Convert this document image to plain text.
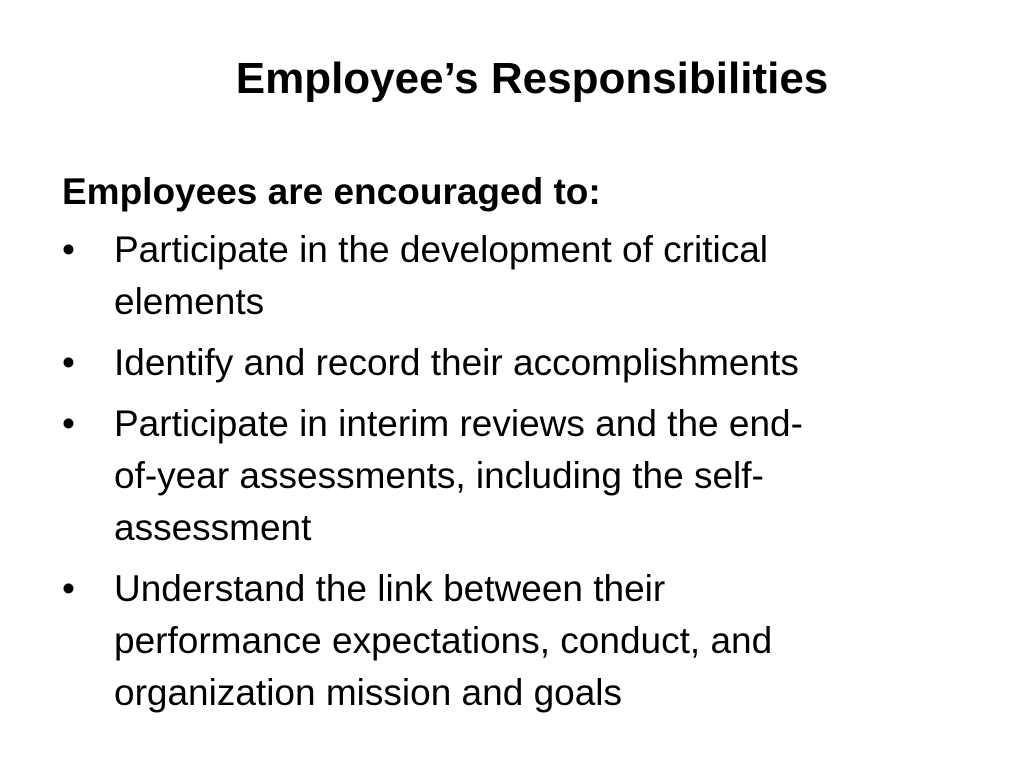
Employee’s Responsibilities
Employees are encouraged to:
• Participate in the development of critical
elements
• Identify and record their accomplishments
• Participate in interim reviews and the end-
of-year assessments, including the self-
assessment
• Understand the link between their
performance expectations, conduct, and
organization mission and goals
